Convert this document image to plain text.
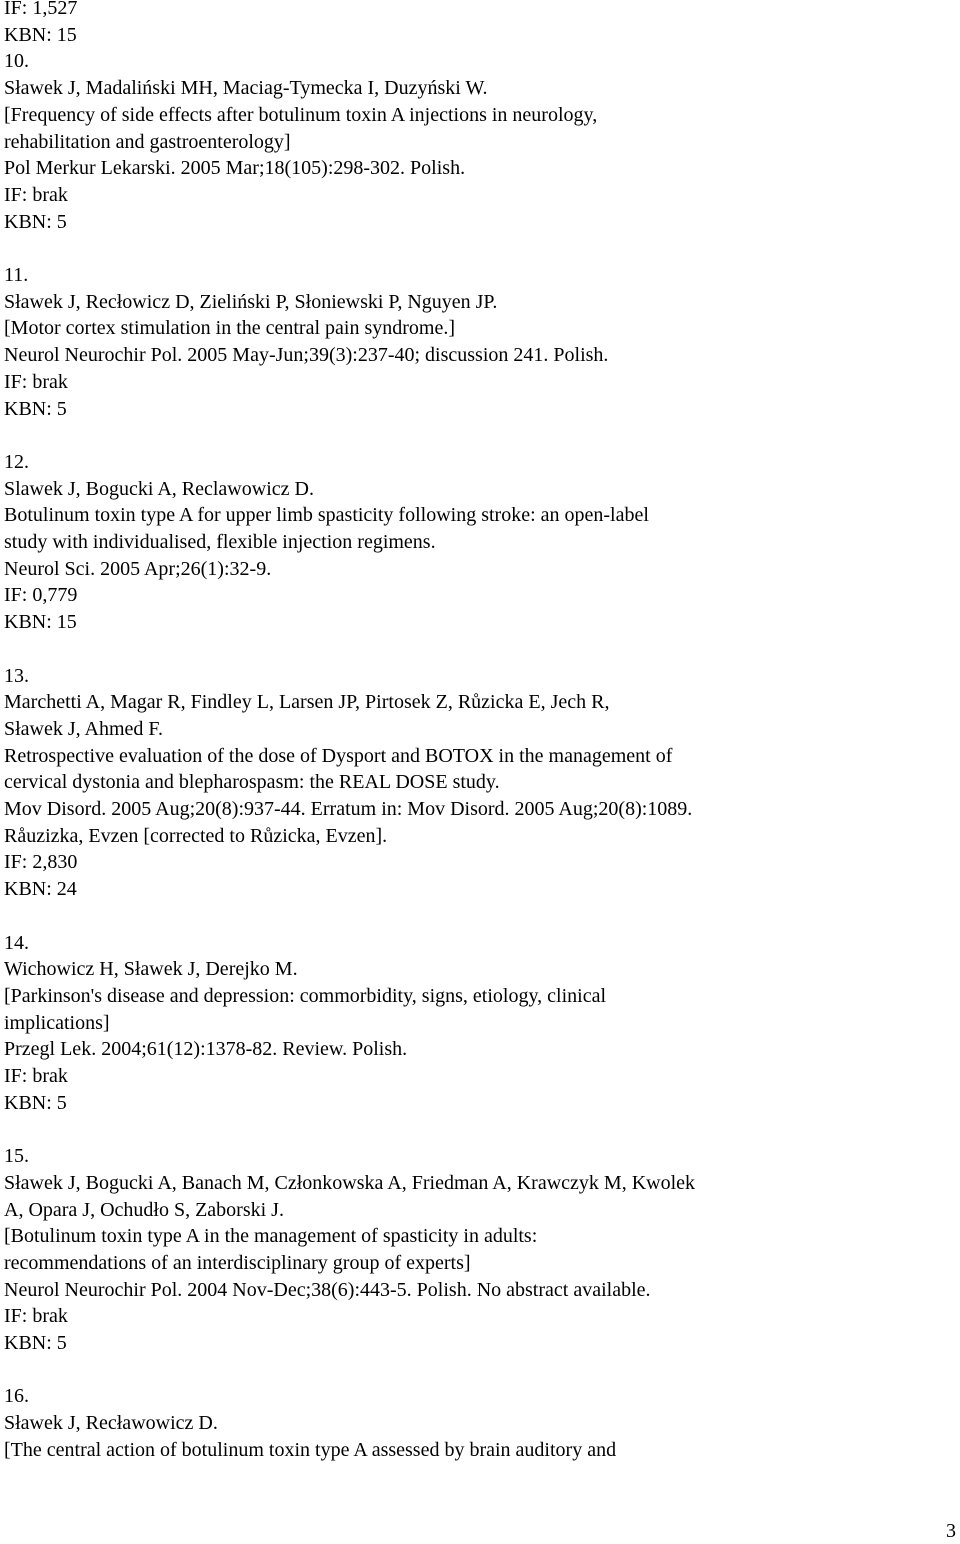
IF: 1,527
KBN: 15
10.
Sławek J, Madaliński MH, Maciag-Tymecka I, Duzyński W.
[Frequency of side effects after botulinum toxin A injections in neurology,
rehabilitation and gastroenterology]
Pol Merkur Lekarski. 2005 Mar;18(105):298-302. Polish.
IF: brak
KBN: 5
11.
Sławek J, Recłowicz D, Zieliński P, Słoniewski P, Nguyen JP.
[Motor cortex stimulation in the central pain syndrome.]
Neurol Neurochir Pol. 2005 May-Jun;39(3):237-40; discussion 241. Polish.
IF: brak
KBN: 5
12.
Slawek J, Bogucki A, Reclawowicz D.
Botulinum toxin type A for upper limb spasticity following stroke: an open-label
study with individualised, flexible injection regimens.
Neurol Sci. 2005 Apr;26(1):32-9.
IF: 0,779
KBN: 15
13.
Marchetti A, Magar R, Findley L, Larsen JP, Pirtosek Z, Růzicka E, Jech R,
Sławek J, Ahmed F.
Retrospective evaluation of the dose of Dysport and BOTOX in the management of
cervical dystonia and blepharospasm: the REAL DOSE study.
Mov Disord. 2005 Aug;20(8):937-44. Erratum in: Mov Disord. 2005 Aug;20(8):1089.
Råuzizka, Evzen [corrected to Růzicka, Evzen].
IF: 2,830
KBN: 24
14.
Wichowicz H, Sławek J, Derejko M.
[Parkinson's disease and depression: commorbidity, signs, etiology, clinical
implications]
Przegl Lek. 2004;61(12):1378-82. Review. Polish.
IF: brak
KBN: 5
15.
Sławek J, Bogucki A, Banach M, Członkowska A, Friedman A, Krawczyk M, Kwolek
A, Opara J, Ochudło S, Zaborski J.
[Botulinum toxin type A in the management of spasticity in adults:
recommendations of an interdisciplinary group of experts]
Neurol Neurochir Pol. 2004 Nov-Dec;38(6):443-5. Polish. No abstract available.
IF: brak
KBN: 5
16.
Sławek J, Recławowicz D.
[The central action of botulinum toxin type A assessed by brain auditory and
3
